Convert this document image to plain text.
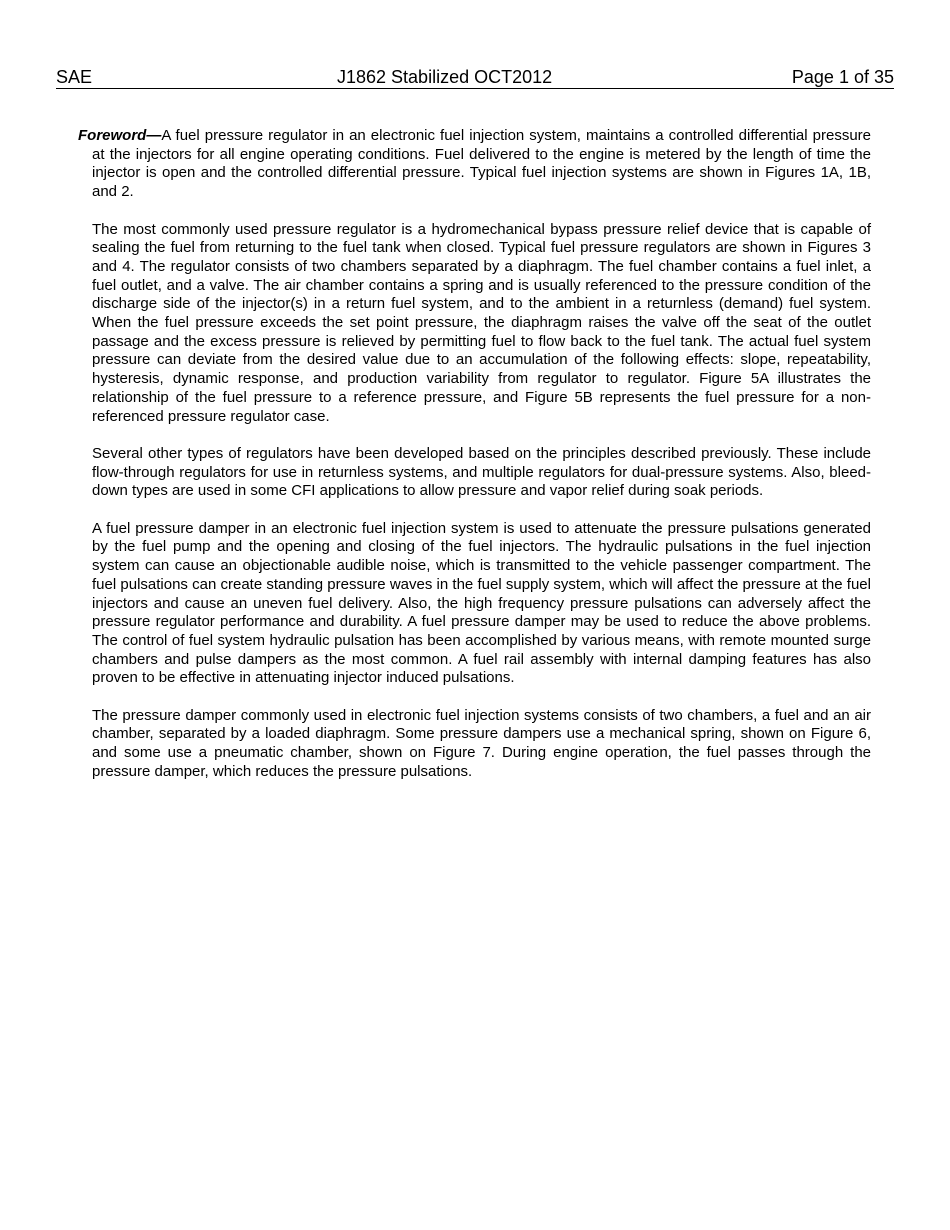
SAE	J1862 Stabilized OCT2012	Page 1 of 35

Foreword—A fuel pressure regulator in an electronic fuel injection system, maintains a controlled differential pressure at the injectors for all engine operating conditions. Fuel delivered to the engine is metered by the length of time the injector is open and the controlled differential pressure. Typical fuel injection systems are shown in Figures 1A, 1B, and 2.

The most commonly used pressure regulator is a hydromechanical bypass pressure relief device that is capable of sealing the fuel from returning to the fuel tank when closed. Typical fuel pressure regulators are shown in Figures 3 and 4. The regulator consists of two chambers separated by a diaphragm. The fuel chamber contains a fuel inlet, a fuel outlet, and a valve. The air chamber contains a spring and is usually referenced to the pressure condition of the discharge side of the injector(s) in a return fuel system, and to the ambient in a returnless (demand) fuel system. When the fuel pressure exceeds the set point pressure, the diaphragm raises the valve off the seat of the outlet passage and the excess pressure is relieved by permitting fuel to flow back to the fuel tank. The actual fuel system pressure can deviate from the desired value due to an accumulation of the following effects: slope, repeatability, hysteresis, dynamic response, and production variability from regulator to regulator. Figure 5A illustrates the relationship of the fuel pressure to a reference pressure, and Figure 5B represents the fuel pressure for a non-referenced pressure regulator case.

Several other types of regulators have been developed based on the principles described previously. These include flow-through regulators for use in returnless systems, and multiple regulators for dual-pressure systems. Also, bleed-down types are used in some CFI applications to allow pressure and vapor relief during soak periods.

A fuel pressure damper in an electronic fuel injection system is used to attenuate the pressure pulsations generated by the fuel pump and the opening and closing of the fuel injectors. The hydraulic pulsations in the fuel injection system can cause an objectionable audible noise, which is transmitted to the vehicle passenger compartment. The fuel pulsations can create standing pressure waves in the fuel supply system, which will affect the pressure at the fuel injectors and cause an uneven fuel delivery. Also, the high frequency pressure pulsations can adversely affect the pressure regulator performance and durability. A fuel pressure damper may be used to reduce the above problems. The control of fuel system hydraulic pulsation has been accomplished by various means, with remote mounted surge chambers and pulse dampers as the most common. A fuel rail assembly with internal damping features has also proven to be effective in attenuating injector induced pulsations.

The pressure damper commonly used in electronic fuel injection systems consists of two chambers, a fuel and an air chamber, separated by a loaded diaphragm. Some pressure dampers use a mechanical spring, shown on Figure 6, and some use a pneumatic chamber, shown on Figure 7. During engine operation, the fuel passes through the pressure damper, which reduces the pressure pulsations.
